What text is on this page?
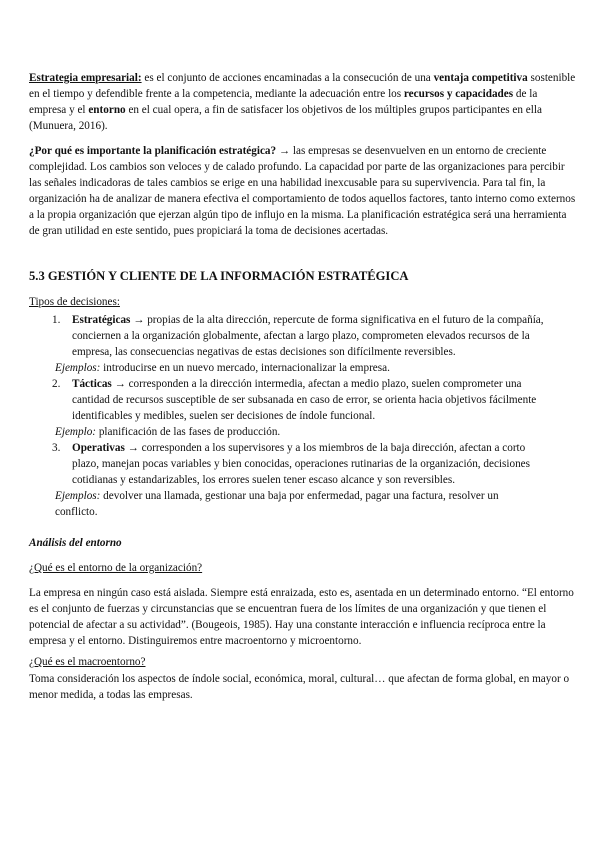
Estrategia empresarial: es el conjunto de acciones encaminadas a la consecución de una ventaja competitiva sostenible en el tiempo y defendible frente a la competencia, mediante la adecuación entre los recursos y capacidades de la empresa y el entorno en el cual opera, a fin de satisfacer los objetivos de los múltiples grupos participantes en ella (Munuera, 2016).

¿Por qué es importante la planificación estratégica? → las empresas se desenvuelven en un entorno de creciente complejidad. Los cambios son veloces y de calado profundo. La capacidad por parte de las organizaciones para percibir las señales indicadoras de tales cambios se erige en una habilidad inexcusable para su supervivencia. Para tal fin, la organización ha de analizar de manera efectiva el comportamiento de todos aquellos factores, tanto interno como externos a la propia organización que ejerzan algún tipo de influjo en la misma. La planificación estratégica será una herramienta de gran utilidad en este sentido, pues propiciará la toma de decisiones acertadas.

5.3 GESTIÓN Y CLIENTE DE LA INFORMACIÓN ESTRATÉGICA

Tipos de decisiones:

1. Estratégicas → propias de la alta dirección, repercute de forma significativa en el futuro de la compañía, conciernen a la organización globalmente, afectan a largo plazo, comprometen elevados recursos de la empresa, las consecuencias negativas de estas decisiones son difícilmente reversibles.

Ejemplos: introducirse en un nuevo mercado, internacionalizar la empresa.

2. Tácticas → corresponden a la dirección intermedia, afectan a medio plazo, suelen comprometer una cantidad de recursos susceptible de ser subsanada en caso de error, se orienta hacia objetivos fácilmente identificables y medibles, suelen ser decisiones de índole funcional.

Ejemplo: planificación de las fases de producción.

3. Operativas → corresponden a los supervisores y a los miembros de la baja dirección, afectan a corto plazo, manejan pocas variables y bien conocidas, operaciones rutinarias de la organización, decisiones cotidianas y estandarizables, los errores suelen tener escaso alcance y son reversibles.

Ejemplos: devolver una llamada, gestionar una baja por enfermedad, pagar una factura, resolver un conflicto.

Análisis del entorno

¿Qué es el entorno de la organización?

La empresa en ningún caso está aislada. Siempre está enraizada, esto es, asentada en un determinado entorno. “El entorno es el conjunto de fuerzas y circunstancias que se encuentran fuera de los límites de una organización y que tienen el potencial de afectar a su actividad”. (Bougeois, 1985). Hay una constante interacción e influencia recíproca entre la empresa y el entorno. Distinguiremos entre macroentorno y microentorno.

¿Qué es el macroentorno?

Toma consideración los aspectos de índole social, económica, moral, cultural… que afectan de forma global, en mayor o menor medida, a todas las empresas.
